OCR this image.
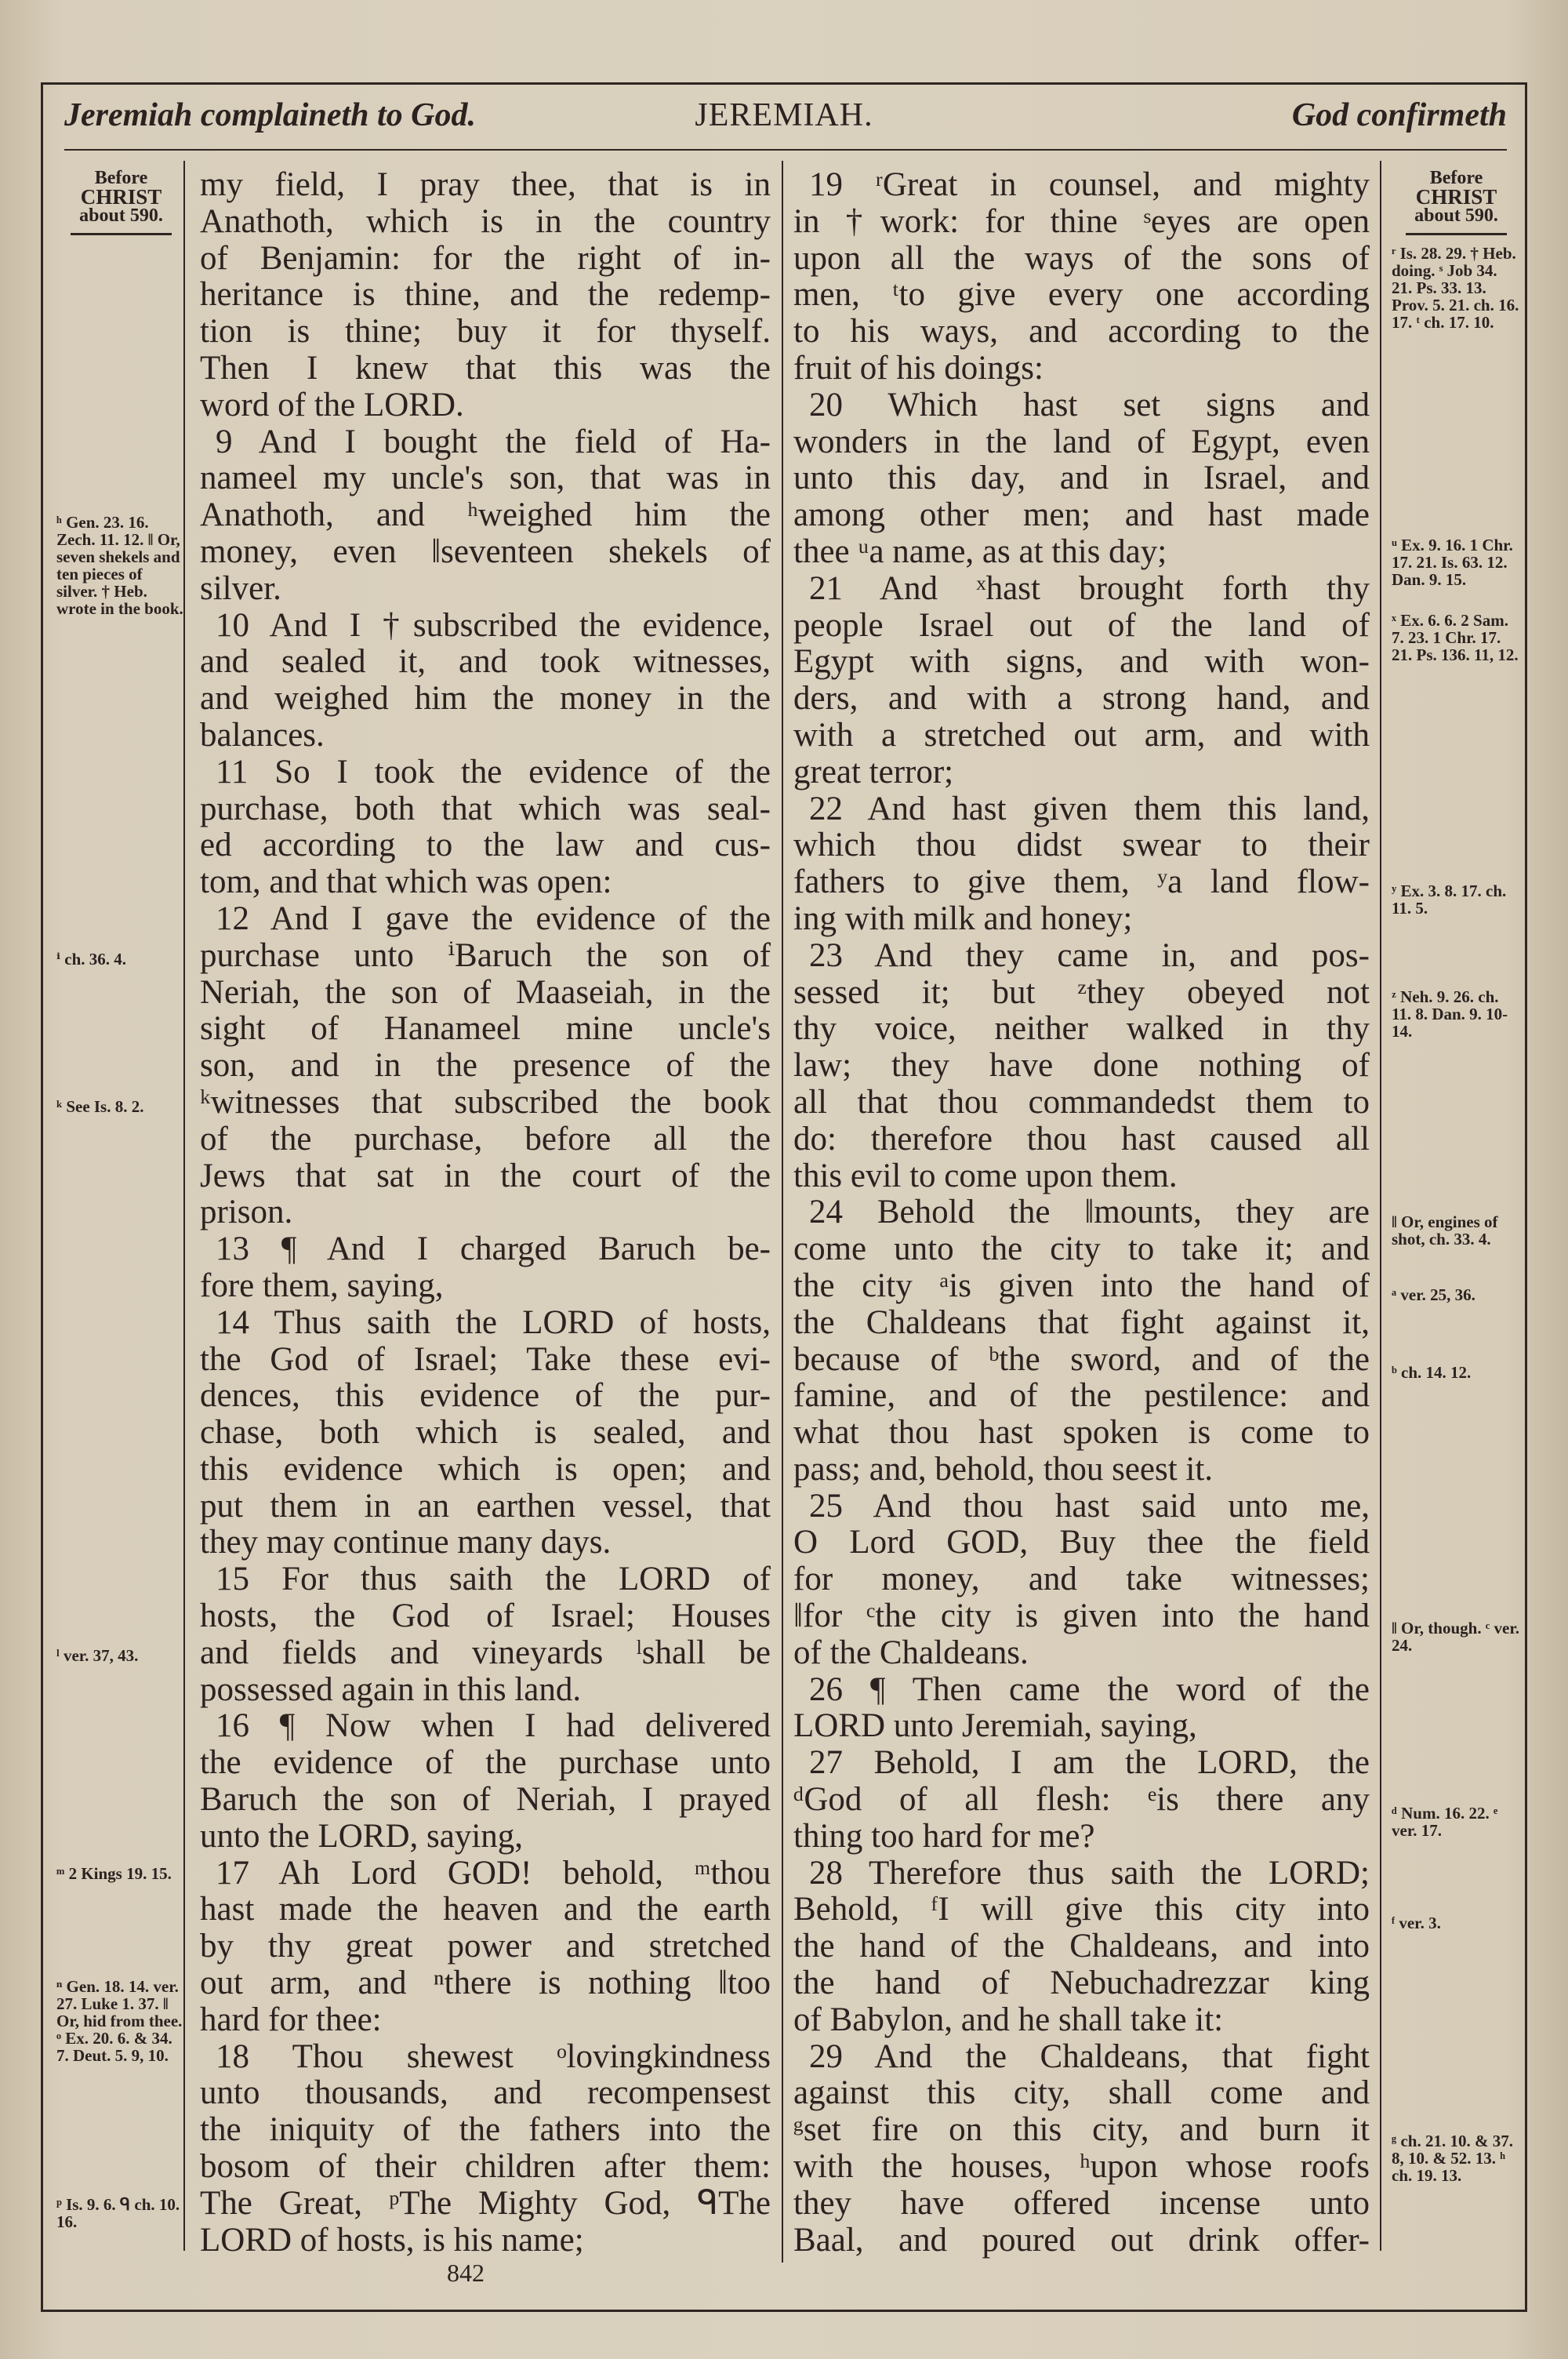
JEREMIAH.
Jeremiah complaineth to God.	God confirmeth
Before
CHRIST
about 590.
Before
CHRIST
about 590.
my field, I pray thee, that is in
Anathoth, which is in the country
of Benjamin: for the right of in-
heritance is thine, and the redemp-
tion is thine; buy it for thyself.
Then I knew that this was the
word of the LORD.
9 And I bought the field of Ha-
nameel my uncle's son, that was in
Anathoth, and ʰweighed him the
money, even ‖seventeen shekels of
silver.
10 And I †subscribed the evidence,
and sealed it, and took witnesses,
and weighed him the money in the
balances.
11 So I took the evidence of the
purchase, both that which was seal-
ed according to the law and cus-
tom, and that which was open:
12 And I gave the evidence of the
purchase unto ⁱBaruch the son of
Neriah, the son of Maaseiah, in the
sight of Hanameel mine uncle's
son, and in the presence of the
ᵏwitnesses that subscribed the book
of the purchase, before all the
Jews that sat in the court of the
prison.
13 ¶ And I charged Baruch be-
fore them, saying,
14 Thus saith the LORD of hosts,
the God of Israel; Take these evi-
dences, this evidence of the pur-
chase, both which is sealed, and
this evidence which is open; and
put them in an earthen vessel, that
they may continue many days.
15 For thus saith the LORD of
hosts, the God of Israel; Houses
and fields and vineyards ˡshall be
possessed again in this land.
16 ¶ Now when I had delivered
the evidence of the purchase unto
Baruch the son of Neriah, I prayed
unto the LORD, saying,
17 Ah Lord GOD! behold, ᵐthou
hast made the heaven and the earth
by thy great power and stretched
out arm, and ⁿthere is nothing ‖too
hard for thee:
18 Thou shewest ᵒlovingkindness
unto thousands, and recompensest
the iniquity of the fathers into the
bosom of their children after them:
The Great, ᵖThe Mighty God, ᑫThe
LORD of hosts, is his name;
19 ʳGreat in counsel, and mighty
in †work: for thine ˢeyes are open
upon all the ways of the sons of
men, ᵗto give every one according
to his ways, and according to the
fruit of his doings:
20 Which hast set signs and
wonders in the land of Egypt, even
unto this day, and in Israel, and
among other men; and hast made
thee ᵘa name, as at this day;
21 And ˣhast brought forth thy
people Israel out of the land of
Egypt with signs, and with won-
ders, and with a strong hand, and
with a stretched out arm, and with
great terror;
22 And hast given them this land,
which thou didst swear to their
fathers to give them, ʸa land flow-
ing with milk and honey;
23 And they came in, and pos-
sessed it; but ᶻthey obeyed not
thy voice, neither walked in thy
law; they have done nothing of
all that thou commandedst them to
do: therefore thou hast caused all
this evil to come upon them.
24 Behold the ‖mounts, they are
come unto the city to take it; and
the city ᵃis given into the hand of
the Chaldeans that fight against it,
because of ᵇthe sword, and of the
famine, and of the pestilence: and
what thou hast spoken is come to
pass; and, behold, thou seest it.
25 And thou hast said unto me,
O Lord GOD, Buy thee the field
for money, and take witnesses;
‖for ᶜthe city is given into the hand
of the Chaldeans.
26 ¶ Then came the word of the
LORD unto Jeremiah, saying,
27 Behold, I am the LORD, the
ᵈGod of all flesh: ᵉis there any
thing too hard for me?
28 Therefore thus saith the LORD;
Behold, ᶠI will give this city into
the hand of the Chaldeans, and into
the hand of Nebuchadrezzar king
of Babylon, and he shall take it:
29 And the Chaldeans, that fight
against this city, shall come and
ᵍset fire on this city, and burn it
with the houses, ʰupon whose roofs
they have offered incense unto
Baal, and poured out drink offer-
ʰ Gen. 23. 16. Zech. 11. 12. ‖ Or, seven shekels and ten pieces of silver. † Heb. wrote in the book.
ⁱ ch. 36. 4.
ᵏ See Is. 8. 2.
ˡ ver. 37, 43.
ᵐ 2 Kings 19. 15.
ⁿ Gen. 18. 14. ver. 27. Luke 1. 37. ‖ Or, hid from thee. ᵒ Ex. 20. 6. & 34. 7. Deut. 5. 9, 10.
ᵖ Is. 9. 6. ᑫ ch. 10. 16.
ʳ Is. 28. 29. † Heb. doing. ˢ Job 34. 21. Ps. 33. 13. Prov. 5. 21. ch. 16. 17. ᵗ ch. 17. 10.
ᵘ Ex. 9. 16. 1 Chr. 17. 21. Is. 63. 12. Dan. 9. 15.
ˣ Ex. 6. 6. 2 Sam. 7. 23. 1 Chr. 17. 21. Ps. 136. 11, 12.
ʸ Ex. 3. 8. 17. ch. 11. 5.
ᶻ Neh. 9. 26. ch. 11. 8. Dan. 9. 10-14.
‖ Or, engines of shot, ch. 33. 4.
ᵃ ver. 25, 36.
ᵇ ch. 14. 12.
‖ Or, though. ᶜ ver. 24.
ᵈ Num. 16. 22. ᵉ ver. 17.
ᶠ ver. 3.
ᵍ ch. 21. 10. & 37. 8, 10. & 52. 13. ʰ ch. 19. 13.
842
